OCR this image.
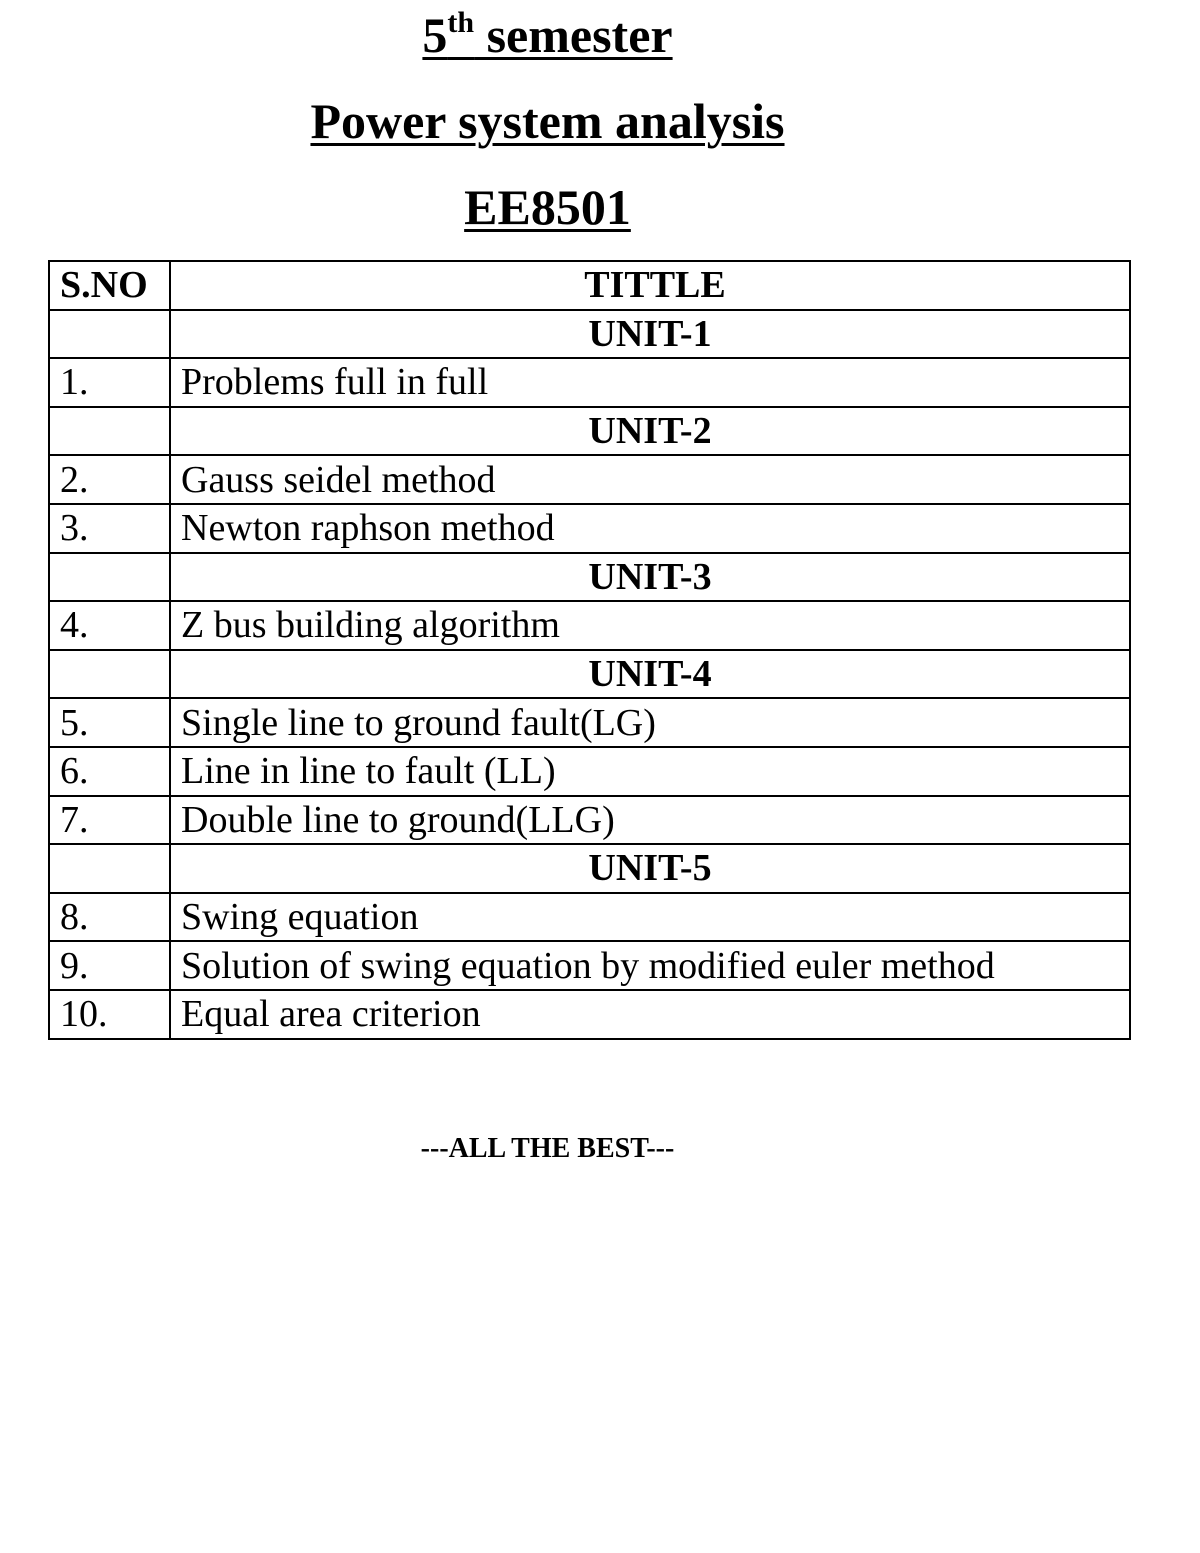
5th semester
Power system analysis
EE8501
S.NO	TITTLE
	UNIT-1
1.	Problems full in full
	UNIT-2
2.	Gauss seidel method
3.	Newton raphson method
	UNIT-3
4.	Z bus building algorithm
	UNIT-4
5.	Single line to ground fault(LG)
6.	Line in line to fault (LL)
7.	Double line to ground(LLG)
	UNIT-5
8.	Swing equation
9.	Solution of swing equation by modified euler method
10.	Equal area criterion
---ALL THE BEST---
